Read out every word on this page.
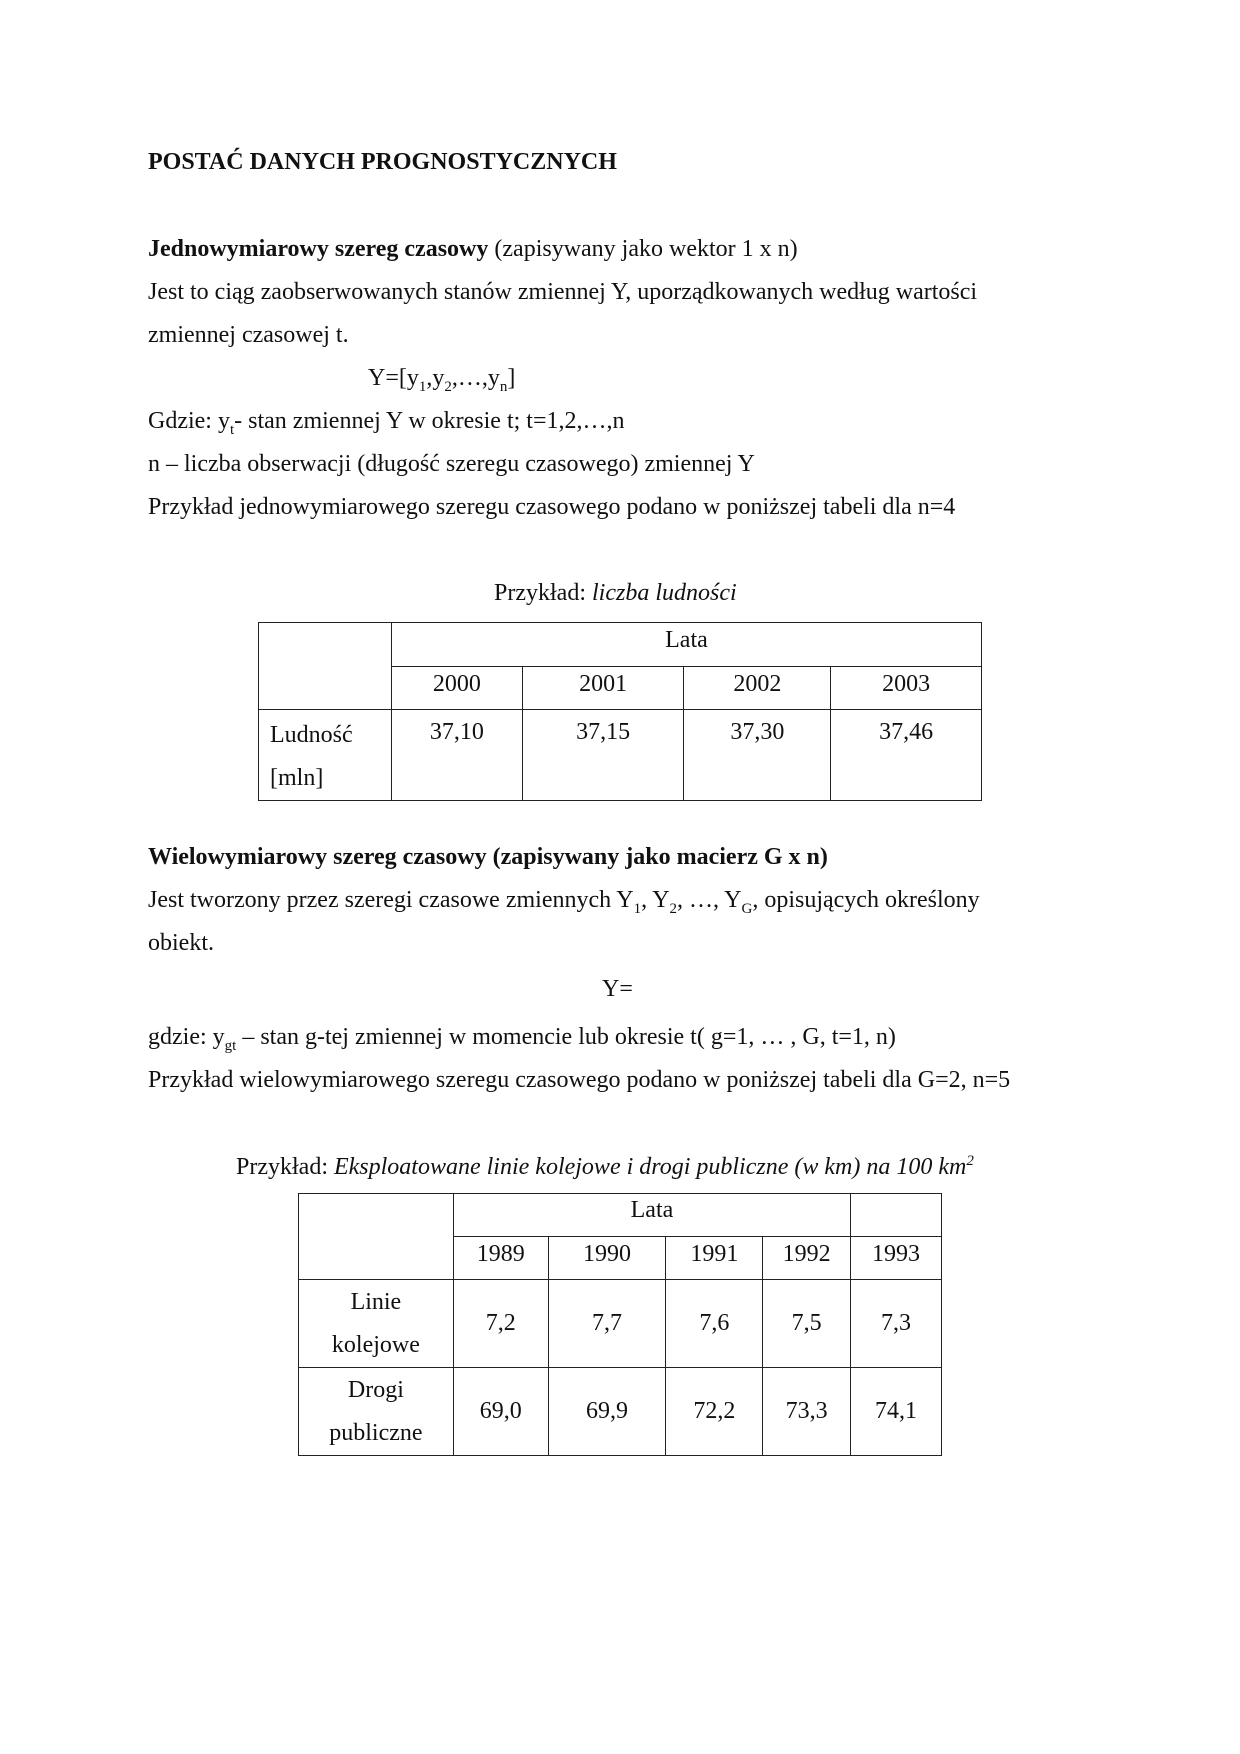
POSTAĆ DANYCH PROGNOSTYCZNYCH
Jednowymiarowy szereg czasowy (zapisywany jako wektor 1 x n)
Jest to ciąg zaobserwowanych stanów zmiennej Y, uporządkowanych według wartości
zmiennej czasowej t.
$Y=[y_1,y_2,\dots,y_n]$
Gdzie: $y_t-$ stan zmiennej Y w okresie t; t=1,2,…,n
n – liczba obserwacji (długość szeregu czasowego) zmiennej Y
Przykład jednowymiarowego szeregu czasowego podano w poniższej tabeli dla n=4
Przykład: liczba ludności
	Lata			
	2000	2001	2002	2003

Ludność
[mln]	37,10	37,15	37,30	37,46
Wielowymiarowy szereg czasowy (zapisywany jako macierz G x n)
Jest tworzony przez szeregi czasowe zmiennych $Y_1$, $Y_2$, …, $Y_G$, opisujących określony
obiekt.
Y=
gdzie: $y_{gt}$ – stan g-tej zmiennej w momencie lub okresie t( g=1, … , G, t=1, n)
Przykład wielowymiarowego szeregu czasowego podano w poniższej tabeli dla G=2, n=5
Przykład: Eksploatowane linie kolejowe i drogi publiczne (w km) na 100 $km^2$
	Lata				
	1989	1990	1991	1992	1993

Linie
kolejowe	7,2	7,7	7,6	7,5	7,3

Drogi
publiczne	69,0	69,9	72,2	73,3	74,1
